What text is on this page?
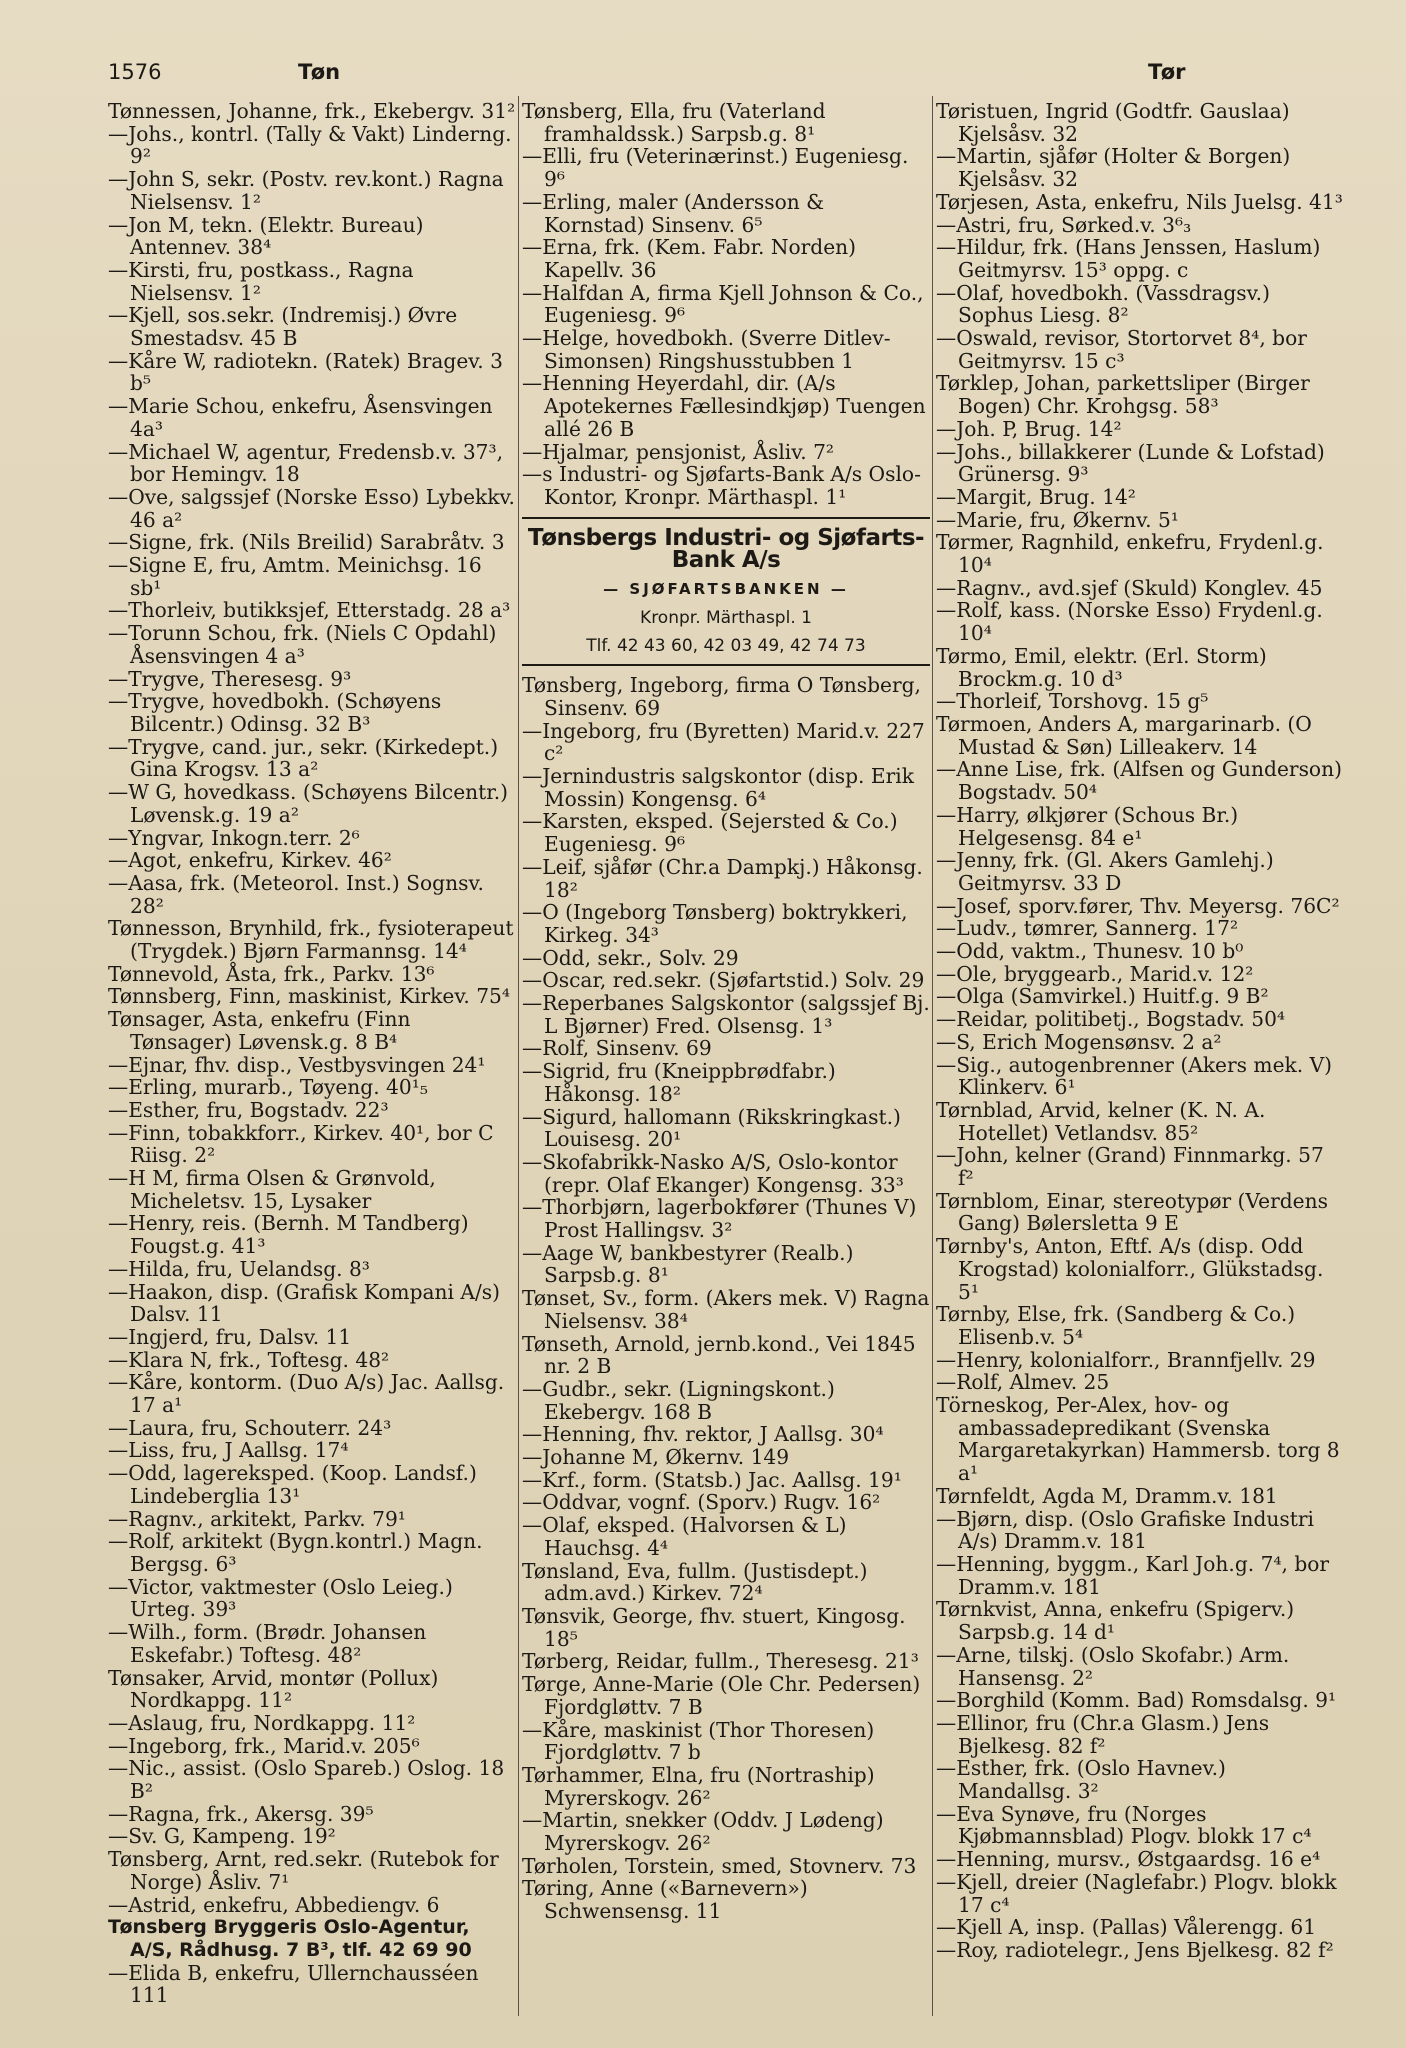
1576	Tøn	Tør

Tønnessen, Johanne, frk., Ekebergv. 31²

—Johs., kontrl. (Tally & Vakt) Linderng. 9²

—John S, sekr. (Postv. rev.kont.) Ragna Nielsensv. 1²

—Jon M, tekn. (Elektr. Bureau) Antennev. 38⁴

—Kirsti, fru, postkass., Ragna Nielsensv. 1²

—Kjell, sos.sekr. (Indremisj.) Øvre Smestadsv. 45 B

—Kåre W, radiotekn. (Ratek) Bragev. 3 b⁵

—Marie Schou, enkefru, Åsensvingen 4a³

—Michael W, agentur, Fredensb.v. 37³, bor Hemingv. 18

—Ove, salgssjef (Norske Esso) Lybekkv. 46 a²

—Signe, frk. (Nils Breilid) Sarabråtv. 3

—Signe E, fru, Amtm. Meinichsg. 16 sb¹

—Thorleiv, butikksjef, Etterstadg. 28 a³

—Torunn Schou, frk. (Niels C Opdahl) Åsensvingen 4 a³

—Trygve, Theresesg. 9³

—Trygve, hovedbokh. (Schøyens Bilcentr.) Odinsg. 32 B³

—Trygve, cand. jur., sekr. (Kirkedept.) Gina Krogsv. 13 a²

—W G, hovedkass. (Schøyens Bilcentr.) Løvensk.g. 19 a²

—Yngvar, Inkogn.terr. 2⁶

—Agot, enkefru, Kirkev. 46²

—Aasa, frk. (Meteorol. Inst.) Sognsv. 28²

Tønnesson, Brynhild, frk., fysioterapeut (Trygdek.) Bjørn Farmannsg. 14⁴

Tønnevold, Åsta, frk., Parkv. 13⁶

Tønnsberg, Finn, maskinist, Kirkev. 75⁴

Tønsager, Asta, enkefru (Finn Tønsager) Løvensk.g. 8 B⁴

—Ejnar, fhv. disp., Vestbysvingen 24¹

—Erling, murarb., Tøyeng. 40¹₅

—Esther, fru, Bogstadv. 22³

—Finn, tobakkforr., Kirkev. 40¹, bor C Riisg. 2²

—H M, firma Olsen & Grønvold, Micheletsv. 15, Lysaker

—Henry, reis. (Bernh. M Tandberg) Fougst.g. 41³

—Hilda, fru, Uelandsg. 8³

—Haakon, disp. (Grafisk Kompani A/s) Dalsv. 11

—Ingjerd, fru, Dalsv. 11

—Klara N, frk., Toftesg. 48²

—Kåre, kontorm. (Duo A/s) Jac. Aallsg. 17 a¹

—Laura, fru, Schouterr. 24³

—Liss, fru, J Aallsg. 17⁴

—Odd, lagereksped. (Koop. Landsf.) Lindeberglia 13¹

—Ragnv., arkitekt, Parkv. 79¹

—Rolf, arkitekt (Bygn.kontrl.) Magn. Bergsg. 6³

—Victor, vaktmester (Oslo Leieg.) Urteg. 39³

—Wilh., form. (Brødr. Johansen Eskefabr.) Toftesg. 48²

Tønsaker, Arvid, montør (Pollux) Nordkappg. 11²

—Aslaug, fru, Nordkappg. 11²

—Ingeborg, frk., Marid.v. 205⁶

—Nic., assist. (Oslo Spareb.) Oslog. 18 B²

—Ragna, frk., Akersg. 39⁵

—Sv. G, Kampeng. 19²

Tønsberg, Arnt, red.sekr. (Rutebok for Norge) Åsliv. 7¹

—Astrid, enkefru, Abbediengv. 6

Tønsberg Bryggeris Oslo-Agentur, A/S, Rådhusg. 7 B³, tlf. 42 69 90

—Elida B, enkefru, Ullernchausséen 111

Tønsberg, Ella, fru (Vaterland framhaldssk.) Sarpsb.g. 8¹

—Elli, fru (Veterinærinst.) Eugeniesg. 9⁶

—Erling, maler (Andersson & Kornstad) Sinsenv. 6⁵

—Erna, frk. (Kem. Fabr. Norden) Kapellv. 36

—Halfdan A, firma Kjell Johnson & Co., Eugeniesg. 9⁶

—Helge, hovedbokh. (Sverre Ditlev-Simonsen) Ringshusstubben 1

—Henning Heyerdahl, dir. (A/s Apotekernes Fællesindkjøp) Tuengen allé 26 B

—Hjalmar, pensjonist, Åsliv. 7²

—s Industri- og Sjøfarts-Bank A/s Oslo-Kontor, Kronpr. Märthaspl. 1¹

Tønsbergs Industri- og Sjøfarts-Bank A/s
— SJØFARTSBANKEN —
Kronpr. Märthaspl. 1
Tlf. 42 43 60, 42 03 49, 42 74 73

Tønsberg, Ingeborg, firma O Tønsberg, Sinsenv. 69

—Ingeborg, fru (Byretten) Marid.v. 227 c²

—Jernindustris salgskontor (disp. Erik Mossin) Kongensg. 6⁴

—Karsten, eksped. (Sejersted & Co.) Eugeniesg. 9⁶

—Leif, sjåfør (Chr.a Dampkj.) Håkonsg. 18²

—O (Ingeborg Tønsberg) boktrykkeri, Kirkeg. 34³

—Odd, sekr., Solv. 29

—Oscar, red.sekr. (Sjøfartstid.) Solv. 29

—Reperbanes Salgskontor (salgssjef Bj. L Bjørner) Fred. Olsensg. 1³

—Rolf, Sinsenv. 69

—Sigrid, fru (Kneippbrødfabr.) Håkonsg. 18²

—Sigurd, hallomann (Rikskringkast.) Louisesg. 20¹

—Skofabrikk-Nasko A/S, Oslo-kontor (repr. Olaf Ekanger) Kongensg. 33³

—Thorbjørn, lagerbokfører (Thunes V) Prost Hallingsv. 3²

—Aage W, bankbestyrer (Realb.) Sarpsb.g. 8¹

Tønset, Sv., form. (Akers mek. V) Ragna Nielsensv. 38⁴

Tønseth, Arnold, jernb.kond., Vei 1845 nr. 2 B

—Gudbr., sekr. (Ligningskont.) Ekebergv. 168 B

—Henning, fhv. rektor, J Aallsg. 30⁴

—Johanne M, Økernv. 149

—Krf., form. (Statsb.) Jac. Aallsg. 19¹

—Oddvar, vognf. (Sporv.) Rugv. 16²

—Olaf, eksped. (Halvorsen & L) Hauchsg. 4⁴

Tønsland, Eva, fullm. (Justisdept.) adm.avd.) Kirkev. 72⁴

Tønsvik, George, fhv. stuert, Kingosg. 18⁵

Tørberg, Reidar, fullm., Theresesg. 21³

Tørge, Anne-Marie (Ole Chr. Pedersen) Fjordgløttv. 7 B

—Kåre, maskinist (Thor Thoresen) Fjordgløttv. 7 b

Tørhammer, Elna, fru (Nortraship) Myrerskogv. 26²

—Martin, snekker (Oddv. J Lødeng) Myrerskogv. 26²

Tørholen, Torstein, smed, Stovnerv. 73

Tøring, Anne («Barnevern») Schwensensg. 11

Tøristuen, Ingrid (Godtfr. Gauslaa) Kjelsåsv. 32

—Martin, sjåfør (Holter & Borgen) Kjelsåsv. 32

Tørjesen, Asta, enkefru, Nils Juelsg. 41³

—Astri, fru, Sørked.v. 3⁶₃

—Hildur, frk. (Hans Jenssen, Haslum) Geitmyrsv. 15³ oppg. c

—Olaf, hovedbokh. (Vassdragsv.) Sophus Liesg. 8²

—Oswald, revisor, Stortorvet 8⁴, bor Geitmyrsv. 15 c³

Tørklep, Johan, parkettsliper (Birger Bogen) Chr. Krohgsg. 58³

—Joh. P, Brug. 14²

—Johs., billakkerer (Lunde & Lofstad) Grünersg. 9³

—Margit, Brug. 14²

—Marie, fru, Økernv. 5¹

Tørmer, Ragnhild, enkefru, Frydenl.g. 10⁴

—Ragnv., avd.sjef (Skuld) Konglev. 45

—Rolf, kass. (Norske Esso) Frydenl.g. 10⁴

Tørmo, Emil, elektr. (Erl. Storm) Brockm.g. 10 d³

—Thorleif, Torshovg. 15 g⁵

Tørmoen, Anders A, margarinarb. (O Mustad & Søn) Lilleakerv. 14

—Anne Lise, frk. (Alfsen og Gunderson) Bogstadv. 50⁴

—Harry, ølkjører (Schous Br.) Helgesensg. 84 e¹

—Jenny, frk. (Gl. Akers Gamlehj.) Geitmyrsv. 33 D

—Josef, sporv.fører, Thv. Meyersg. 76C²

—Ludv., tømrer, Sannerg. 17²

—Odd, vaktm., Thunesv. 10 b⁰

—Ole, bryggearb., Marid.v. 12²

—Olga (Samvirkel.) Huitf.g. 9 B²

—Reidar, politibetj., Bogstadv. 50⁴

—S, Erich Mogensønsv. 2 a²

—Sig., autogenbrenner (Akers mek. V) Klinkerv. 6¹

Tørnblad, Arvid, kelner (K. N. A. Hotellet) Vetlandsv. 85²

—John, kelner (Grand) Finnmarkg. 57 f²

Tørnblom, Einar, stereotypør (Verdens Gang) Bølersletta 9 E

Tørnby's, Anton, Eftf. A/s (disp. Odd Krogstad) kolonialforr., Glükstadsg. 5¹

Tørnby, Else, frk. (Sandberg & Co.) Elisenb.v. 5⁴

—Henry, kolonialforr., Brannfjellv. 29

—Rolf, Almev. 25

Törneskog, Per-Alex, hov- og ambassadepredikant (Svenska Margaretakyrkan) Hammersb. torg 8 a¹

Tørnfeldt, Agda M, Dramm.v. 181

—Bjørn, disp. (Oslo Grafiske Industri A/s) Dramm.v. 181

—Henning, byggm., Karl Joh.g. 7⁴, bor Dramm.v. 181

Tørnkvist, Anna, enkefru (Spigerv.) Sarpsb.g. 14 d¹

—Arne, tilskj. (Oslo Skofabr.) Arm. Hansensg. 2²

—Borghild (Komm. Bad) Romsdalsg. 9¹

—Ellinor, fru (Chr.a Glasm.) Jens Bjelkesg. 82 f²

—Esther, frk. (Oslo Havnev.) Mandallsg. 3²

—Eva Synøve, fru (Norges Kjøbmannsblad) Plogv. blokk 17 c⁴

—Henning, mursv., Østgaardsg. 16 e⁴

—Kjell, dreier (Naglefabr.) Plogv. blokk 17 c⁴

—Kjell A, insp. (Pallas) Vålerengg. 61

—Roy, radiotelegr., Jens Bjelkesg. 82 f²
